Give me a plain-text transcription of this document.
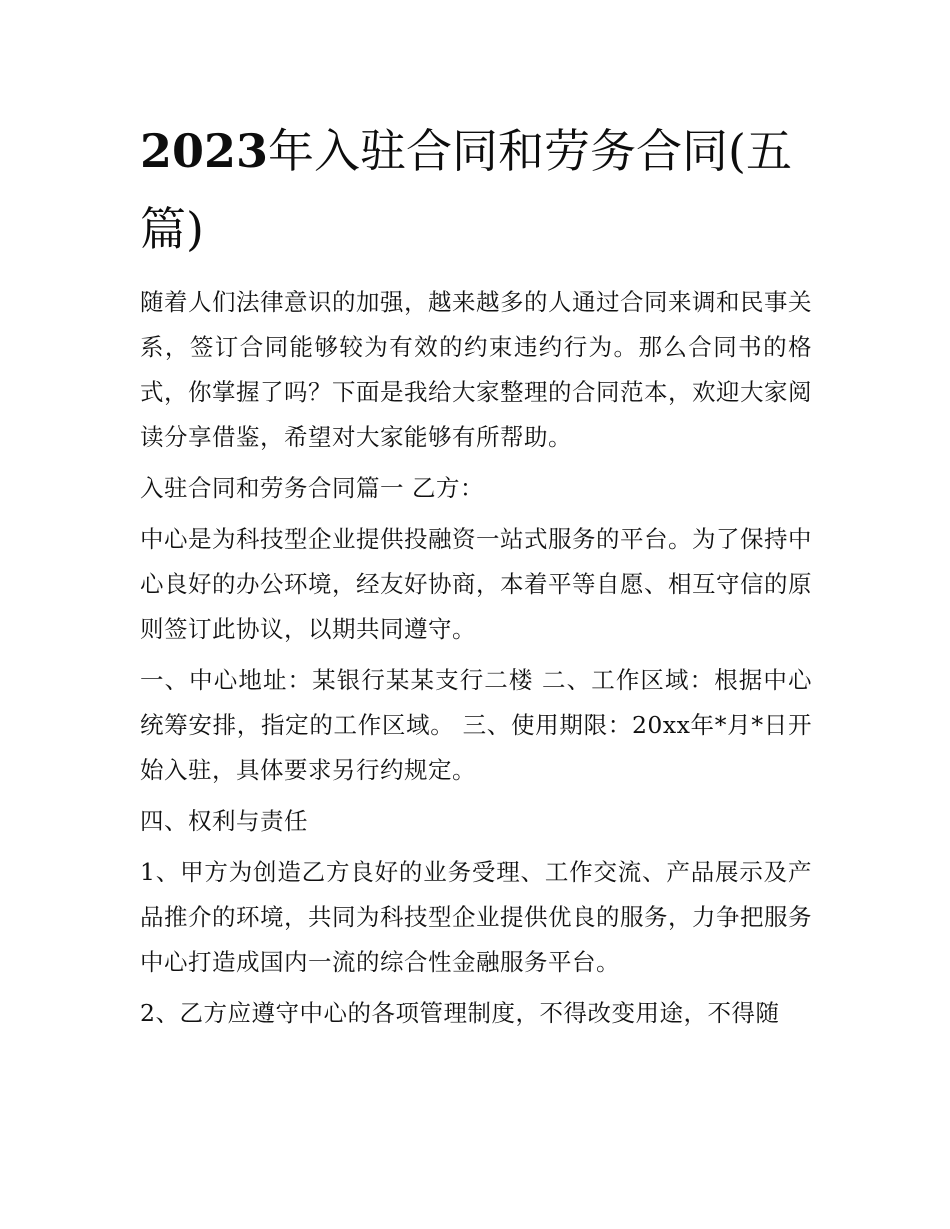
2023年入驻合同和劳务合同(五篇)

随着人们法律意识的加强，越来越多的人通过合同来调和民事关系，签订合同能够较为有效的约束违约行为。那么合同书的格式，你掌握了吗？下面是我给大家整理的合同范本，欢迎大家阅读分享借鉴，希望对大家能够有所帮助。

入驻合同和劳务合同篇一 乙方：

中心是为科技型企业提供投融资一站式服务的平台。为了保持中心良好的办公环境，经友好协商，本着平等自愿、相互守信的原则签订此协议，以期共同遵守。

一、中心地址：某银行某某支行二楼 二、工作区域：根据中心统筹安排，指定的工作区域。 三、使用期限：20xx年*月*日开始入驻，具体要求另行约规定。

四、权利与责任

1、甲方为创造乙方良好的业务受理、工作交流、产品展示及产品推介的环境，共同为科技型企业提供优良的服务，力争把服务中心打造成国内一流的综合性金融服务平台。

2、乙方应遵守中心的各项管理制度，不得改变用途，不得随
